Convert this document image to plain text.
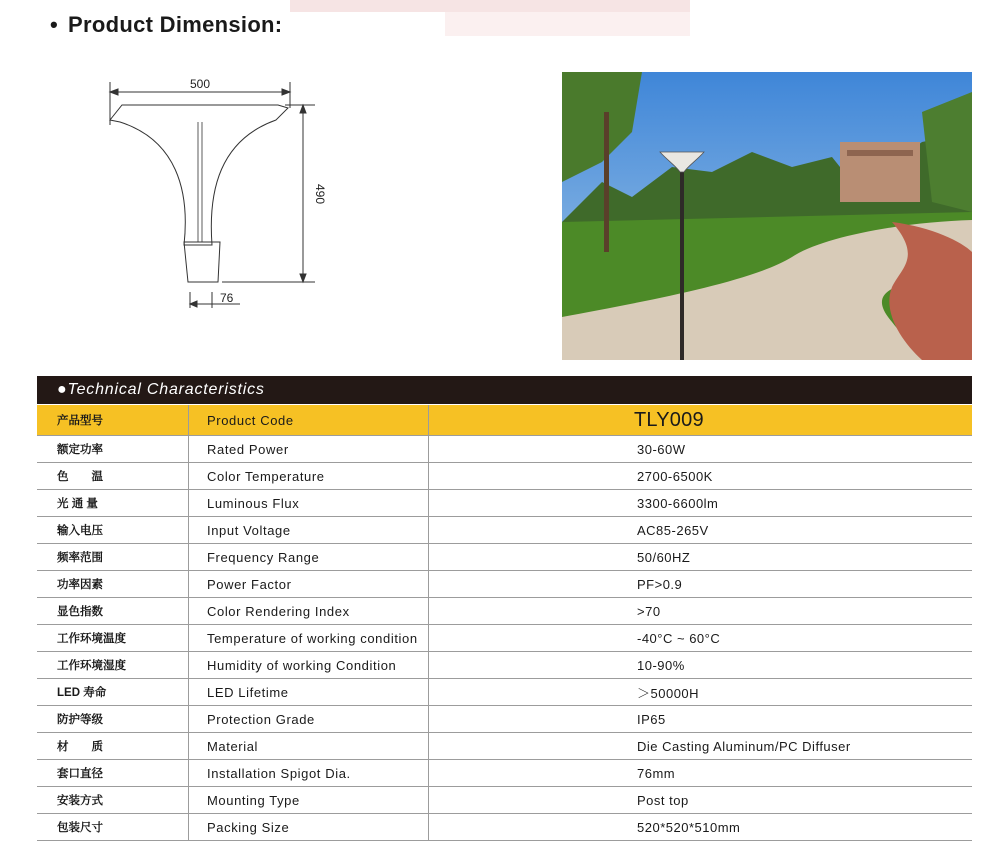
• Product Dimension:
500
490
76
●Technical Characteristics
产品型号	Product Code	TLY009
额定功率	Rated Power	30-60W
色　　温	Color Temperature	2700-6500K
光 通 量	Luminous Flux	3300-6600lm
输入电压	Input Voltage	AC85-265V
频率范围	Frequency Range	50/60HZ
功率因素	Power Factor	PF>0.9
显色指数	Color Rendering Index	>70
工作环境温度	Temperature of working condition	-40°C ~ 60°C
工作环境湿度	Humidity of working Condition	10-90%
LED 寿命	LED Lifetime	＞50000H
防护等级	Protection Grade	IP65
材　　质	Material	Die Casting Aluminum/PC Diffuser
套口直径	Installation Spigot Dia.	76mm
安装方式	Mounting Type	Post top
包装尺寸	Packing Size	520*520*510mm
